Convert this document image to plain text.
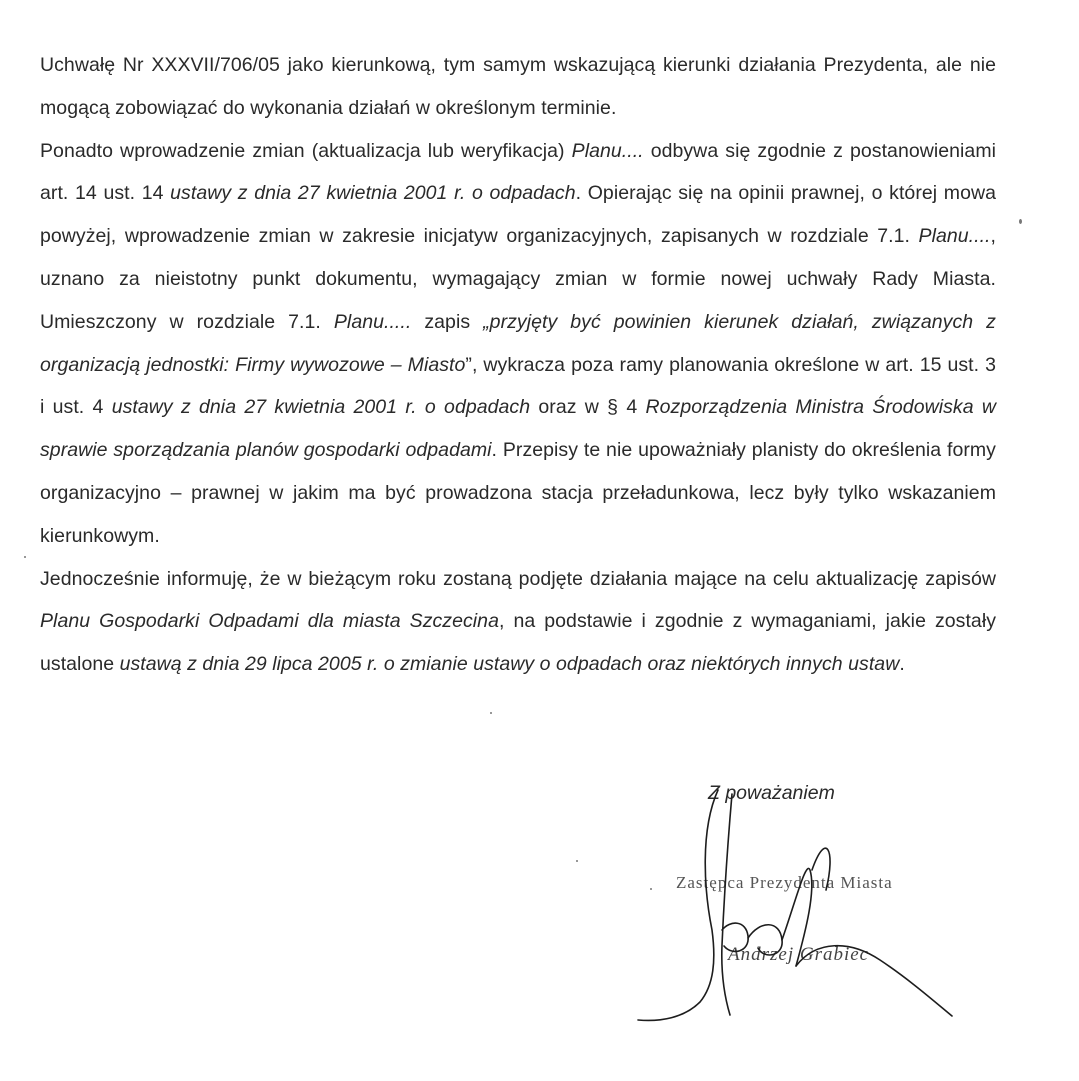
Uchwałę Nr XXXVII/706/05 jako kierunkową, tym samym wskazującą kierunki działania Prezydenta, ale nie mogącą zobowiązać do wykonania działań w określonym terminie.

Ponadto wprowadzenie zmian (aktualizacja lub weryfikacja) Planu.... odbywa się zgodnie z postanowieniami art. 14 ust. 14 ustawy z dnia 27 kwietnia 2001 r. o odpadach. Opierając się na opinii prawnej, o której mowa powyżej, wprowadzenie zmian w zakresie inicjatyw organizacyjnych, zapisanych w rozdziale 7.1. Planu...., uznano za nieistotny punkt dokumentu, wymagający zmian w formie nowej uchwały Rady Miasta. Umieszczony w rozdziale 7.1. Planu..... zapis „przyjęty być powinien kierunek działań, związanych z organizacją jednostki: Firmy wywozowe – Miasto”, wykracza poza ramy planowania określone w art. 15 ust. 3 i ust. 4 ustawy z dnia 27 kwietnia 2001 r. o odpadach oraz w § 4 Rozporządzenia Ministra Środowiska w sprawie sporządzania planów gospodarki odpadami. Przepisy te nie upoważniały planisty do określenia formy organizacyjno – prawnej w jakim ma być prowadzona stacja przeładunkowa, lecz były tylko wskazaniem kierunkowym.

Jednocześnie informuję, że w bieżącym roku zostaną podjęte działania mające na celu aktualizację zapisów Planu Gospodarki Odpadami dla miasta Szczecina, na podstawie i zgodnie z wymaganiami, jakie zostały ustalone ustawą z dnia 29 lipca 2005 r. o zmianie ustawy o odpadach oraz niektórych innych ustaw.

Z poważaniem
Zastępca Prezydenta Miasta
Andrzej Grabiec
